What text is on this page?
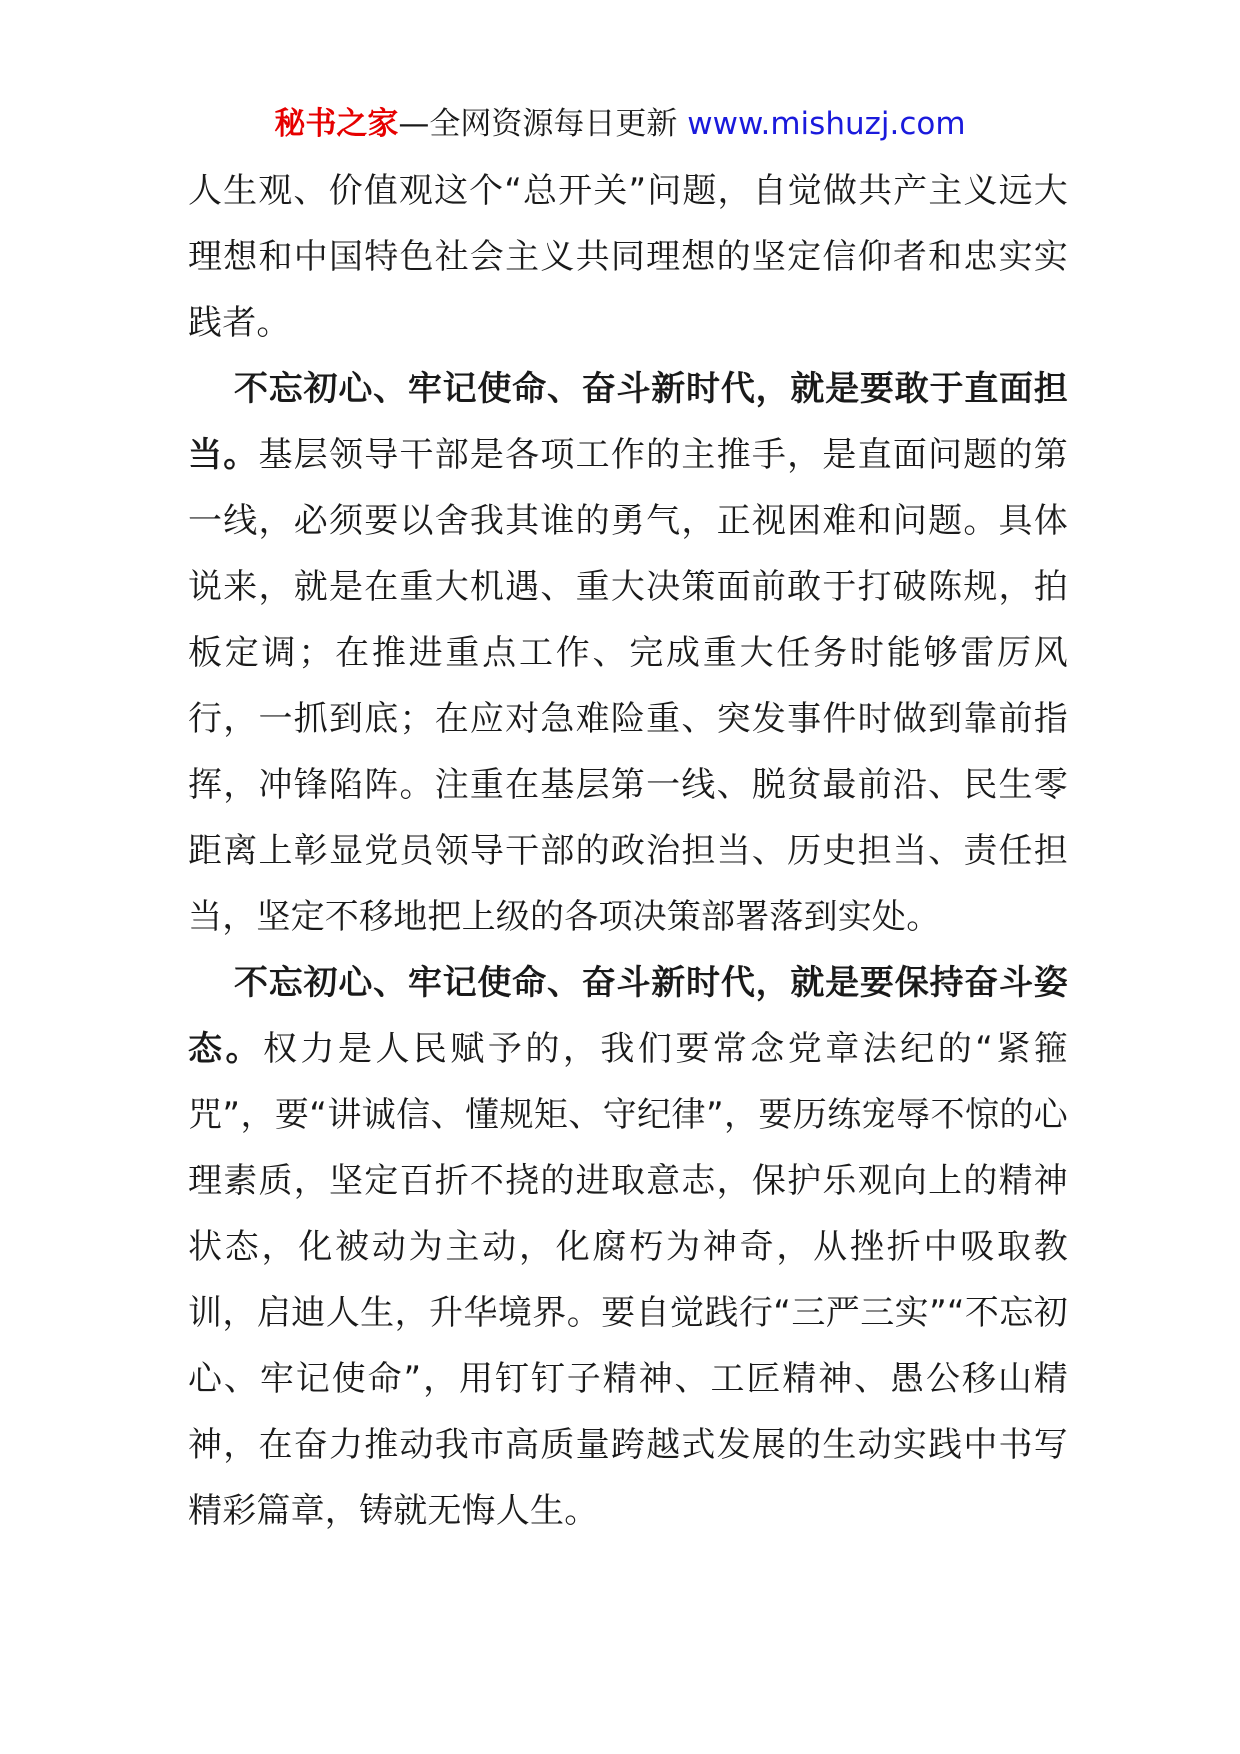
秘书之家—全网资源每日更新 www.mishuzj.com

人生观、价值观这个“总开关”问题，自觉做共产主义远大理想和中国特色社会主义共同理想的坚定信仰者和忠实实践者。

不忘初心、牢记使命、奋斗新时代，就是要敢于直面担当。基层领导干部是各项工作的主推手，是直面问题的第一线，必须要以舍我其谁的勇气，正视困难和问题。具体说来，就是在重大机遇、重大决策面前敢于打破陈规，拍板定调；在推进重点工作、完成重大任务时能够雷厉风行，一抓到底；在应对急难险重、突发事件时做到靠前指挥，冲锋陷阵。注重在基层第一线、脱贫最前沿、民生零距离上彰显党员领导干部的政治担当、历史担当、责任担当，坚定不移地把上级的各项决策部署落到实处。

不忘初心、牢记使命、奋斗新时代，就是要保持奋斗姿态。权力是人民赋予的，我们要常念党章法纪的“紧箍咒”，要“讲诚信、懂规矩、守纪律”，要历练宠辱不惊的心理素质，坚定百折不挠的进取意志，保护乐观向上的精神状态，化被动为主动，化腐朽为神奇，从挫折中吸取教训，启迪人生，升华境界。要自觉践行“三严三实”“不忘初心、牢记使命”，用钉钉子精神、工匠精神、愚公移山精神，在奋力推动我市高质量跨越式发展的生动实践中书写精彩篇章，铸就无悔人生。
